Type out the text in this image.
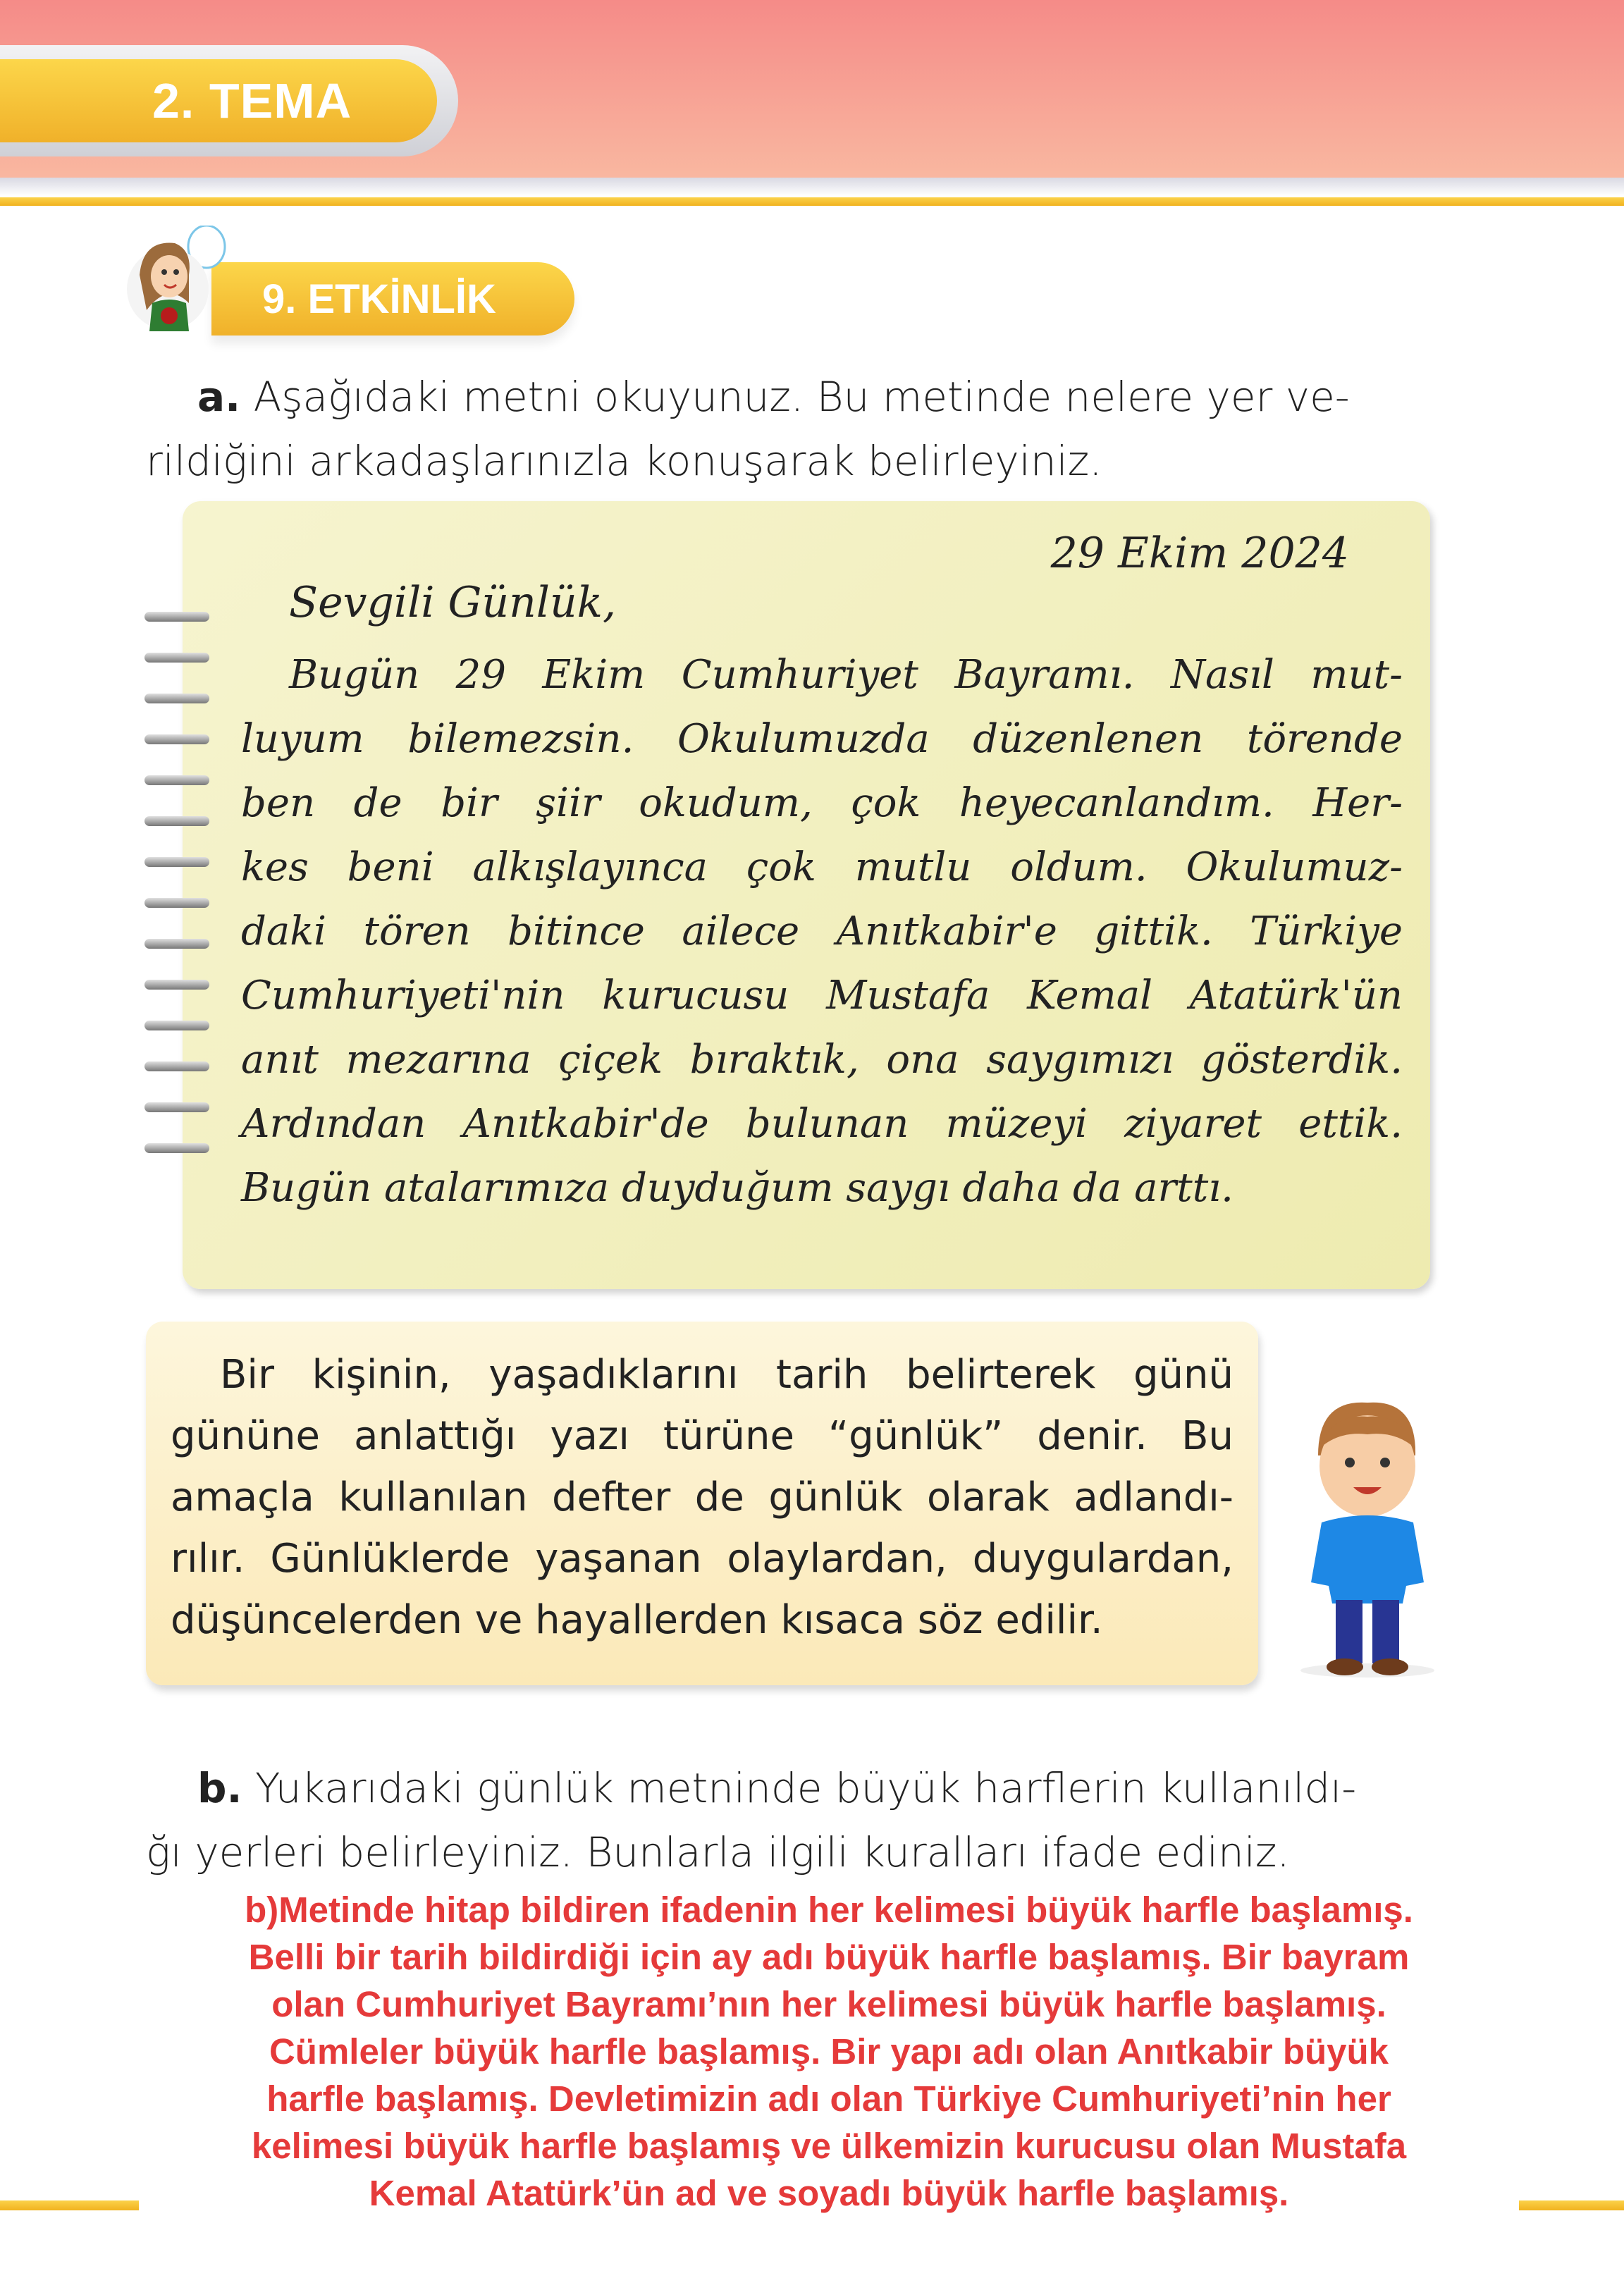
2. TEMA
9. ETKİNLİK
a. Aşağıdaki metni okuyunuz. Bu metinde nelere yer ve-
rildiğini arkadaşlarınızla konuşarak belirleyiniz.
29 Ekim 2024
Sevgili Günlük,
Bugün 29 Ekim Cumhuriyet Bayramı. Nasıl mut-
luyum bilemezsin. Okulumuzda düzenlenen törende
ben de bir şiir okudum, çok heyecanlandım. Her-
kes beni alkışlayınca çok mutlu oldum. Okulumuz-
daki tören bitince ailece Anıtkabir'e gittik. Türkiye
Cumhuriyeti'nin kurucusu Mustafa Kemal Atatürk'ün
anıt mezarına çiçek bıraktık, ona saygımızı gösterdik.
Ardından Anıtkabir'de bulunan müzeyi ziyaret ettik.
Bugün atalarımıza duyduğum saygı daha da arttı.
Bir kişinin, yaşadıklarını tarih belirterek günü
gününe anlattığı yazı türüne “günlük” denir. Bu
amaçla kullanılan defter de günlük olarak adlandı-
rılır. Günlüklerde yaşanan olaylardan, duygulardan,
düşüncelerden ve hayallerden kısaca söz edilir.
b. Yukarıdaki günlük metninde büyük harflerin kullanıldı-
ğı yerleri belirleyiniz. Bunlarla ilgili kuralları ifade ediniz.
b)Metinde hitap bildiren ifadenin her kelimesi büyük harfle başlamış.
Belli bir tarih bildirdiği için ay adı büyük harfle başlamış. Bir bayram
olan Cumhuriyet Bayramı’nın her kelimesi büyük harfle başlamış.
Cümleler büyük harfle başlamış. Bir yapı adı olan Anıtkabir büyük
harfle başlamış. Devletimizin adı olan Türkiye Cumhuriyeti’nin her
kelimesi büyük harfle başlamış ve ülkemizin kurucusu olan Mustafa
Kemal Atatürk’ün ad ve soyadı büyük harfle başlamış.
